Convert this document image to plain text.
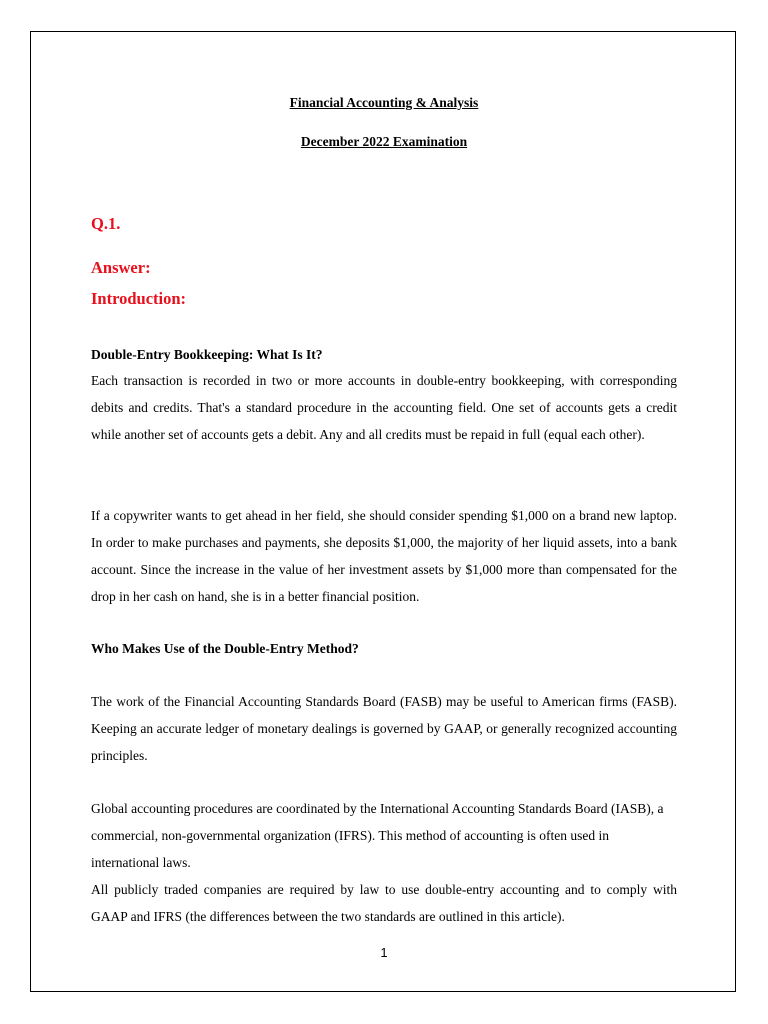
Financial Accounting & Analysis
December 2022 Examination
Q.1.
Answer:
Introduction:
Double-Entry Bookkeeping: What Is It?
Each transaction is recorded in two or more accounts in double-entry bookkeeping, with corresponding debits and credits. That's a standard procedure in the accounting field. One set of accounts gets a credit while another set of accounts gets a debit. Any and all credits must be repaid in full (equal each other).
If a copywriter wants to get ahead in her field, she should consider spending $1,000 on a brand new laptop. In order to make purchases and payments, she deposits $1,000, the majority of her liquid assets, into a bank account. Since the increase in the value of her investment assets by $1,000 more than compensated for the drop in her cash on hand, she is in a better financial position.
Who Makes Use of the Double-Entry Method?
The work of the Financial Accounting Standards Board (FASB) may be useful to American firms (FASB). Keeping an accurate ledger of monetary dealings is governed by GAAP, or generally recognized accounting principles.
Global accounting procedures are coordinated by the International Accounting Standards Board (IASB), a commercial, non-governmental organization (IFRS). This method of accounting is often used in international laws.
All publicly traded companies are required by law to use double-entry accounting and to comply with GAAP and IFRS (the differences between the two standards are outlined in this article).
1
